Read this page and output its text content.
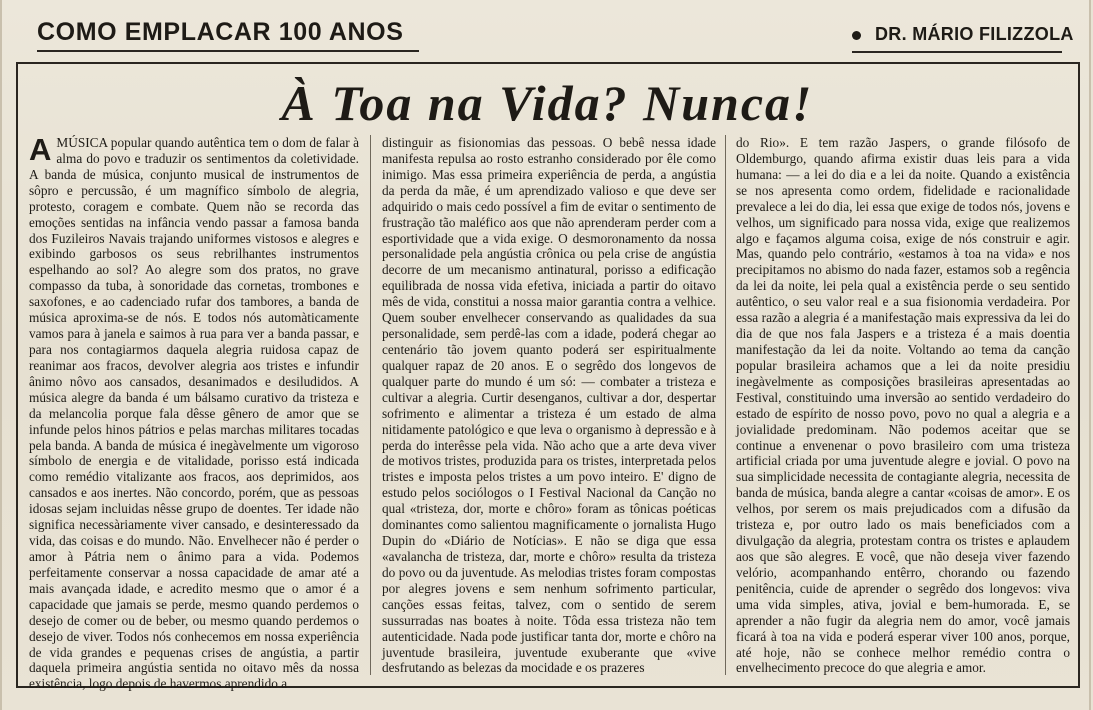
COMO EMPLACAR 100 ANOS	DR. MÁRIO FILIZZOLA
À Toa na Vida? Nunca!

AMÚSICA popular quando autêntica tem o dom de falar à alma do povo e traduzir os sentimentos da coletividade. A banda de música, conjunto musical de instrumentos de sôpro e percussão, é um magnífico símbolo de alegria, protesto, coragem e combate. Quem não se recorda das emoções sentidas na infância vendo passar a famosa banda dos Fuzileiros Navais trajando uniformes vistosos e alegres e exibindo garbosos os seus rebrilhantes instrumentos espelhando ao sol? Ao alegre som dos pratos, no grave compasso da tuba, à sonoridade das cornetas, trombones e saxofones, e ao cadenciado rufar dos tambores, a banda de música aproxima-se de nós. E todos nós automàticamente vamos para à janela e saimos à rua para ver a banda passar, e para nos contagiarmos daquela alegria ruidosa capaz de reanimar aos fracos, devolver alegria aos tristes e infundir ânimo nôvo aos cansados, desanimados e desiludidos. A música alegre da banda é um bálsamo curativo da tristeza e da melancolia porque fala dêsse gênero de amor que se infunde pelos hinos pátrios e pelas marchas militares tocadas pela banda. A banda de música é inegàvelmente um vigoroso símbolo de energia e de vitalidade, porisso está indicada como remédio vitalizante aos fracos, aos deprimidos, aos cansados e aos inertes. Não concordo, porém, que as pessoas idosas sejam incluidas nêsse grupo de doentes. Ter idade não significa necessàriamente viver cansado, e desinteressado da vida, das coisas e do mundo. Não. Envelhecer não é perder o amor à Pátria nem o ânimo para a vida. Podemos perfeitamente conservar a nossa capacidade de amar até a mais avançada idade, e acredito mesmo que o amor é a capacidade que jamais se perde, mesmo quando perdemos o desejo de comer ou de beber, ou mesmo quando perdemos o desejo de viver. Todos nós conhecemos em nossa experiência de vida grandes e pequenas crises de angústia, a partir daquela primeira angústia sentida no oitavo mês da nossa existência, logo depois de havermos aprendido a

distinguir as fisionomias das pessoas. O bebê nessa idade manifesta repulsa ao rosto estranho considerado por êle como inimigo. Mas essa primeira experiência de perda, a angústia da perda da mãe, é um aprendizado valioso e que deve ser adquirido o mais cedo possível a fim de evitar o sentimento de frustração tão maléfico aos que não aprenderam perder com a esportividade que a vida exige. O desmoronamento da nossa personalidade pela angústia crônica ou pela crise de angústia decorre de um mecanismo antinatural, porisso a edificação equilibrada de nossa vida efetiva, iniciada a partir do oitavo mês de vida, constitui a nossa maior garantia contra a velhice. Quem souber envelhecer conservando as qualidades da sua personalidade, sem perdê-las com a idade, poderá chegar ao centenário tão jovem quanto poderá ser espiritualmente qualquer rapaz de 20 anos. E o segrêdo dos longevos de qualquer parte do mundo é um só: — combater a tristeza e cultivar a alegria. Curtir desenganos, cultivar a dor, despertar sofrimento e alimentar a tristeza é um estado de alma nitidamente patológico e que leva o organismo à depressão e à perda do interêsse pela vida. Não acho que a arte deva viver de motivos tristes, produzida para os tristes, interpretada pelos tristes e imposta pelos tristes a um povo inteiro. E' digno de estudo pelos sociólogos o I Festival Nacional da Canção no qual «tristeza, dor, morte e chôro» foram as tônicas poéticas dominantes como salientou magnificamente o jornalista Hugo Dupin do «Diário de Notícias». E não se diga que essa «avalancha de tristeza, dar, morte e chôro» resulta da tristeza do povo ou da juventude. As melodias tristes foram compostas por alegres jovens e sem nenhum sofrimento particular, canções essas feitas, talvez, com o sentido de serem sussurradas nas boates à noite. Tôda essa tristeza não tem autenticidade. Nada pode justificar tanta dor, morte e chôro na juventude brasileira, juventude exuberante que «vive desfrutando as belezas da mocidade e os prazeres

do Rio». E tem razão Jaspers, o grande filósofo de Oldemburgo, quando afirma existir duas leis para a vida humana: — a lei do dia e a lei da noite. Quando a existência se nos apresenta como ordem, fidelidade e racionalidade prevalece a lei do dia, lei essa que exige de todos nós, jovens e velhos, um significado para nossa vida, exige que realizemos algo e façamos alguma coisa, exige de nós construir e agir. Mas, quando pelo contrário, «estamos à toa na vida» e nos precipitamos no abismo do nada fazer, estamos sob a regência da lei da noite, lei pela qual a existência perde o seu sentido autêntico, o seu valor real e a sua fisionomia verdadeira. Por essa razão a alegria é a manifestação mais expressiva da lei do dia de que nos fala Jaspers e a tristeza é a mais doentia manifestação da lei da noite. Voltando ao tema da canção popular brasileira achamos que a lei da noite presidiu inegàvelmente as composições brasileiras apresentadas ao Festival, constituindo uma inversão ao sentido verdadeiro do estado de espírito de nosso povo, povo no qual a alegria e a jovialidade predominam. Não podemos aceitar que se continue a envenenar o povo brasileiro com uma tristeza artificial criada por uma juventude alegre e jovial. O povo na sua simplicidade necessita de contagiante alegria, necessita de banda de música, banda alegre a cantar «coisas de amor». E os velhos, por serem os mais prejudicados com a difusão da tristeza e, por outro lado os mais beneficiados com a divulgação da alegria, protestam contra os tristes e aplaudem aos que são alegres. E você, que não deseja viver fazendo velório, acompanhando entêrro, chorando ou fazendo penitência, cuide de aprender o segrêdo dos longevos: viva uma vida simples, ativa, jovial e bem-humorada. E, se aprender a não fugir da alegria nem do amor, você jamais ficará à toa na vida e poderá esperar viver 100 anos, porque, até hoje, não se conhece melhor remédio contra o envelhecimento precoce do que alegria e amor.
